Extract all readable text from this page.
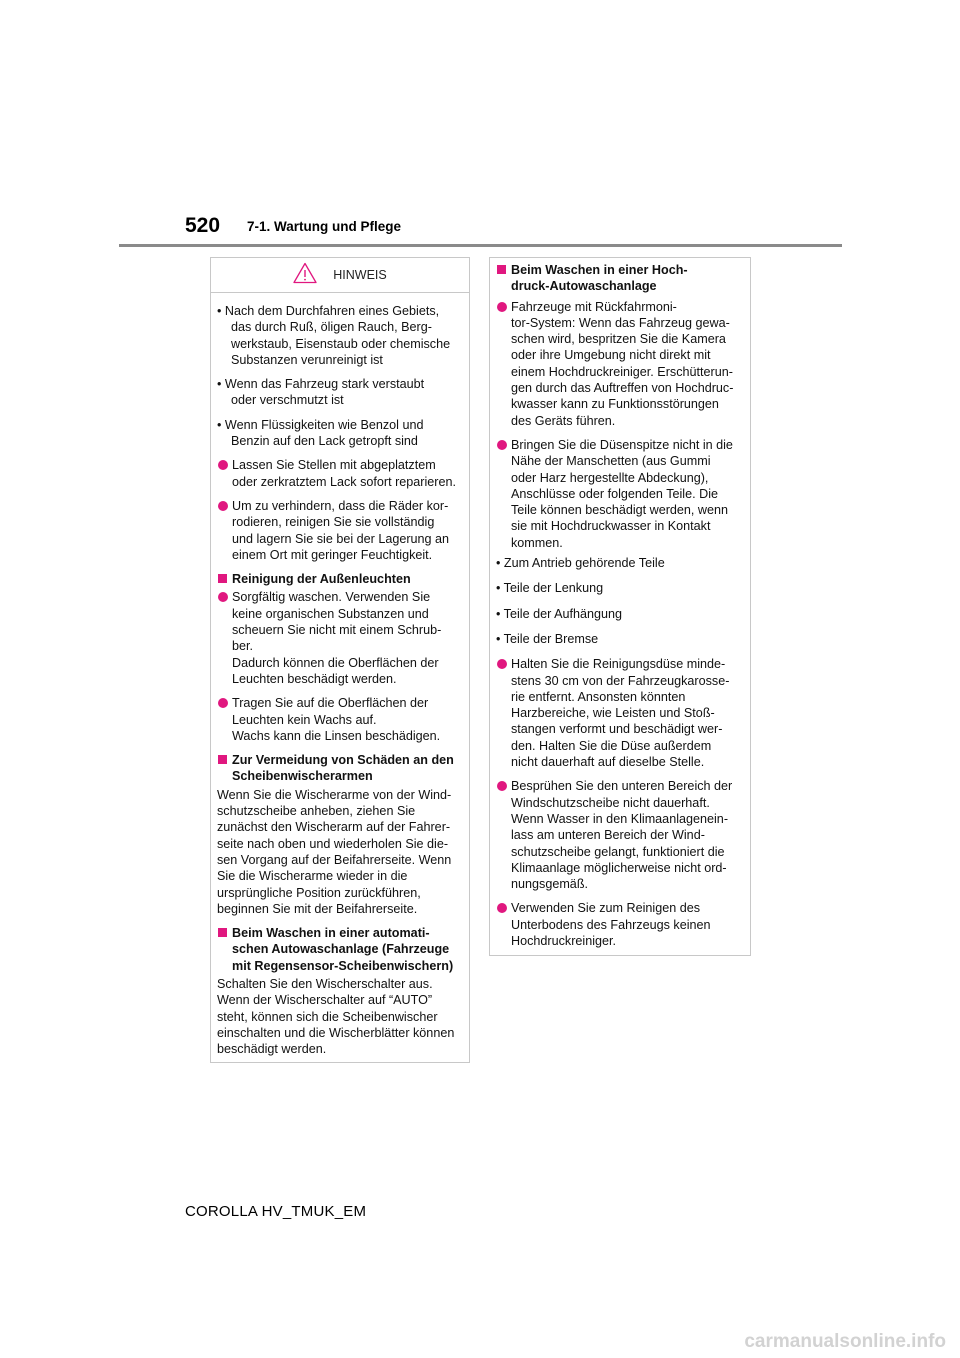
520 7-1. Wartung und Pflege
HINWEIS
• Nach dem Durchfahren eines Gebiets,
das durch Ruß, öligen Rauch, Berg-
werkstaub, Eisenstaub oder chemische
Substanzen verunreinigt ist
• Wenn das Fahrzeug stark verstaubt
oder verschmutzt ist
• Wenn Flüssigkeiten wie Benzol und
Benzin auf den Lack getropft sind
Lassen Sie Stellen mit abgeplatztem
oder zerkratztem Lack sofort reparieren.
Um zu verhindern, dass die Räder kor-
rodieren, reinigen Sie sie vollständig
und lagern Sie sie bei der Lagerung an
einem Ort mit geringer Feuchtigkeit.
Reinigung der Außenleuchten
Sorgfältig waschen. Verwenden Sie
keine organischen Substanzen und
scheuern Sie nicht mit einem Schrub-
ber.
Dadurch können die Oberflächen der
Leuchten beschädigt werden.
Tragen Sie auf die Oberflächen der
Leuchten kein Wachs auf.
Wachs kann die Linsen beschädigen.
Zur Vermeidung von Schäden an den
Scheibenwischerarmen
Wenn Sie die Wischerarme von der Wind-
schutzscheibe anheben, ziehen Sie
zunächst den Wischerarm auf der Fahrer-
seite nach oben und wiederholen Sie die-
sen Vorgang auf der Beifahrerseite. Wenn
Sie die Wischerarme wieder in die
ursprüngliche Position zurückführen,
beginnen Sie mit der Beifahrerseite.
Beim Waschen in einer automati-
schen Autowaschanlage (Fahrzeuge
mit Regensensor-Scheibenwischern)
Schalten Sie den Wischerschalter aus.
Wenn der Wischerschalter auf “AUTO”
steht, können sich die Scheibenwischer
einschalten und die Wischerblätter können
beschädigt werden.
Beim Waschen in einer Hoch-
druck-Autowaschanlage
Fahrzeuge mit Rückfahrmoni-
tor-System: Wenn das Fahrzeug gewa-
schen wird, bespritzen Sie die Kamera
oder ihre Umgebung nicht direkt mit
einem Hochdruckreiniger. Erschütterun-
gen durch das Auftreffen von Hochdruc-
kwasser kann zu Funktionsstörungen
des Geräts führen.
Bringen Sie die Düsenspitze nicht in die
Nähe der Manschetten (aus Gummi
oder Harz hergestellte Abdeckung),
Anschlüsse oder folgenden Teile. Die
Teile können beschädigt werden, wenn
sie mit Hochdruckwasser in Kontakt
kommen.
• Zum Antrieb gehörende Teile
• Teile der Lenkung
• Teile der Aufhängung
• Teile der Bremse
Halten Sie die Reinigungsdüse minde-
stens 30 cm von der Fahrzeugkarosse-
rie entfernt. Ansonsten könnten
Harzbereiche, wie Leisten und Stoß-
stangen verformt und beschädigt wer-
den. Halten Sie die Düse außerdem
nicht dauerhaft auf dieselbe Stelle.
Besprühen Sie den unteren Bereich der
Windschutzscheibe nicht dauerhaft.
Wenn Wasser in den Klimaanlagenein-
lass am unteren Bereich der Wind-
schutzscheibe gelangt, funktioniert die
Klimaanlage möglicherweise nicht ord-
nungsgemäß.
Verwenden Sie zum Reinigen des
Unterbodens des Fahrzeugs keinen
Hochdruckreiniger.
COROLLA HV_TMUK_EM
carmanualsonline.info
